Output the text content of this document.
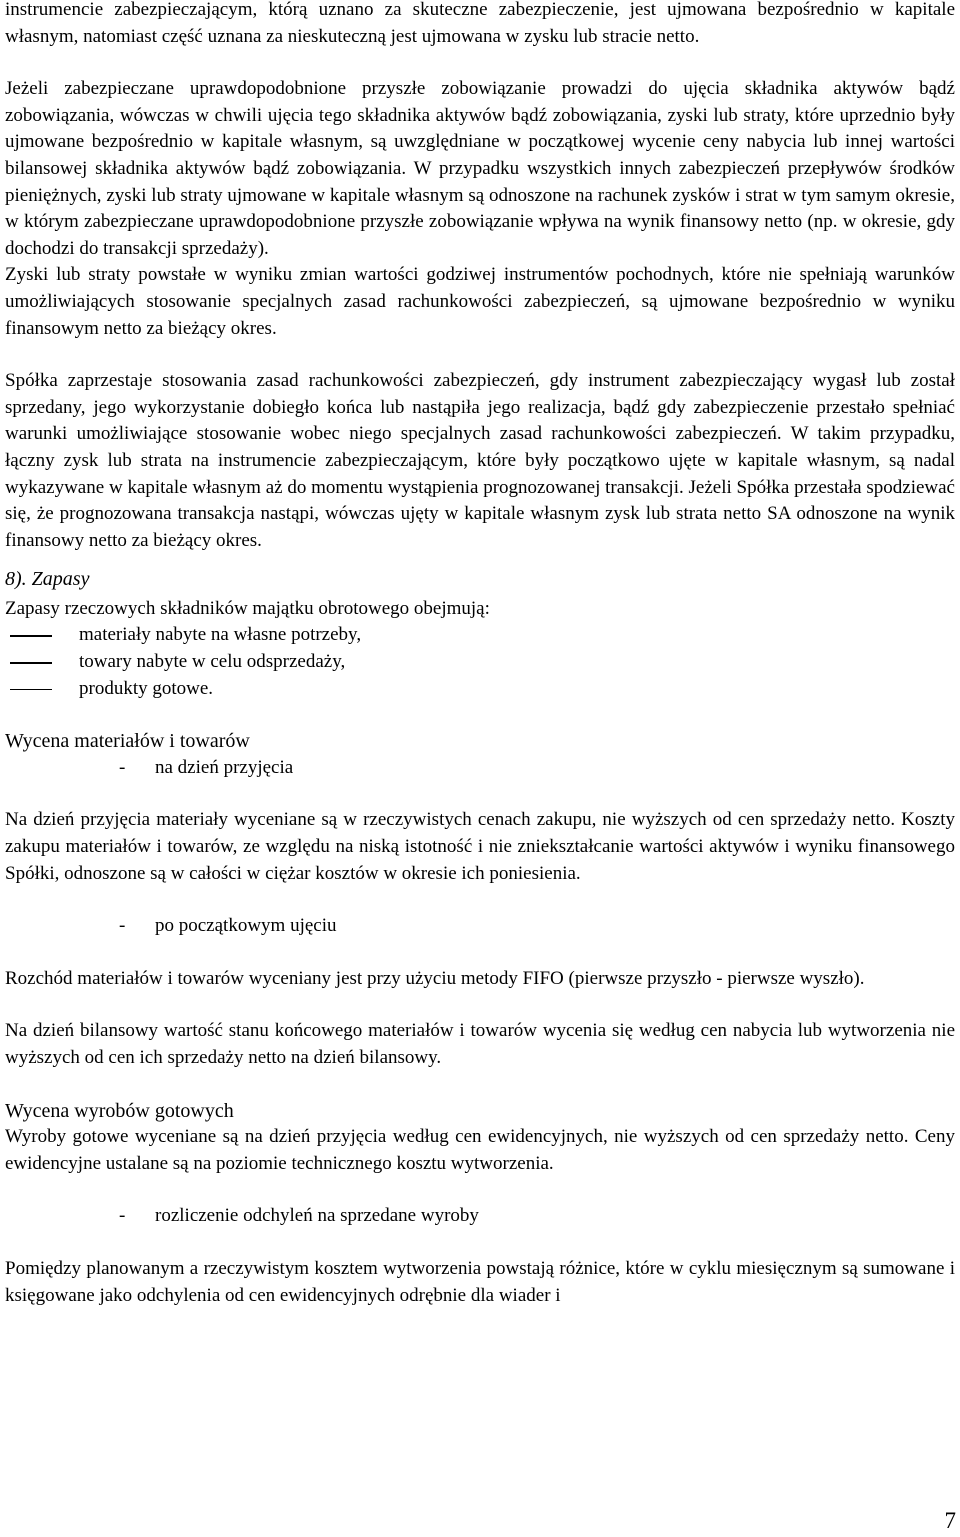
instrumencie zabezpieczającym, którą uznano za skuteczne zabezpieczenie, jest ujmowana bezpośrednio w kapitale własnym, natomiast część uznana za nieskuteczną jest ujmowana w zysku lub stracie netto.

Jeżeli zabezpieczane uprawdopodobnione przyszłe zobowiązanie prowadzi do ujęcia składnika aktywów bądź zobowiązania, wówczas w chwili ujęcia tego składnika aktywów bądź zobowiązania, zyski lub straty, które uprzednio były ujmowane bezpośrednio w kapitale własnym, są uwzględniane w początkowej wycenie ceny nabycia lub innej wartości bilansowej składnika aktywów bądź zobowiązania. W przypadku wszystkich innych zabezpieczeń przepływów środków pieniężnych, zyski lub straty ujmowane w kapitale własnym są odnoszone na rachunek zysków i strat w tym samym okresie, w którym zabezpieczane uprawdopodobnione przyszłe zobowiązanie wpływa na wynik finansowy netto (np. w okresie, gdy dochodzi do transakcji sprzedaży).

Zyski lub straty powstałe w wyniku zmian wartości godziwej instrumentów pochodnych, które nie spełniają warunków umożliwiających stosowanie specjalnych zasad rachunkowości zabezpieczeń, są ujmowane bezpośrednio w wyniku finansowym netto za bieżący okres.

Spółka zaprzestaje stosowania zasad rachunkowości zabezpieczeń, gdy instrument zabezpieczający wygasł lub został sprzedany, jego wykorzystanie dobiegło końca lub nastąpiła jego realizacja, bądź gdy zabezpieczenie przestało spełniać warunki umożliwiające stosowanie wobec niego specjalnych zasad rachunkowości zabezpieczeń. W takim przypadku, łączny zysk lub strata na instrumencie zabezpieczającym, które były początkowo ujęte w kapitale własnym, są nadal wykazywane w kapitale własnym aż do momentu wystąpienia prognozowanej transakcji. Jeżeli Spółka przestała spodziewać się, że prognozowana transakcja nastąpi, wówczas ujęty w kapitale własnym zysk lub strata netto SA odnoszone na wynik finansowy netto za bieżący okres.

8). Zapasy

Zapasy rzeczowych składników majątku obrotowego obejmują:

materiały nabyte na własne potrzeby,
towary nabyte w celu odsprzedaży,
produkty gotowe.

Wycena materiałów i towarów

- na dzień przyjęcia

Na dzień przyjęcia materiały wyceniane są w rzeczywistych cenach zakupu, nie wyższych od cen sprzedaży netto. Koszty zakupu materiałów i towarów, ze względu na niską istotność i nie zniekształcanie wartości aktywów i wyniku finansowego Spółki, odnoszone są w całości w ciężar kosztów w okresie ich poniesienia.

- po początkowym ujęciu

Rozchód materiałów i towarów wyceniany jest przy użyciu metody FIFO (pierwsze przyszło - pierwsze wyszło).

Na dzień bilansowy wartość stanu końcowego materiałów i towarów wycenia się według cen nabycia lub wytworzenia nie wyższych od cen ich sprzedaży netto na dzień bilansowy.

Wycena wyrobów gotowych

Wyroby gotowe wyceniane są na dzień przyjęcia według cen ewidencyjnych, nie wyższych od cen sprzedaży netto. Ceny ewidencyjne ustalane są na poziomie technicznego kosztu wytworzenia.

- rozliczenie odchyleń na sprzedane wyroby

Pomiędzy planowanym a rzeczywistym kosztem wytworzenia powstają różnice, które w cyklu miesięcznym są sumowane i księgowane jako odchylenia od cen ewidencyjnych odrębnie dla wiader i

7
